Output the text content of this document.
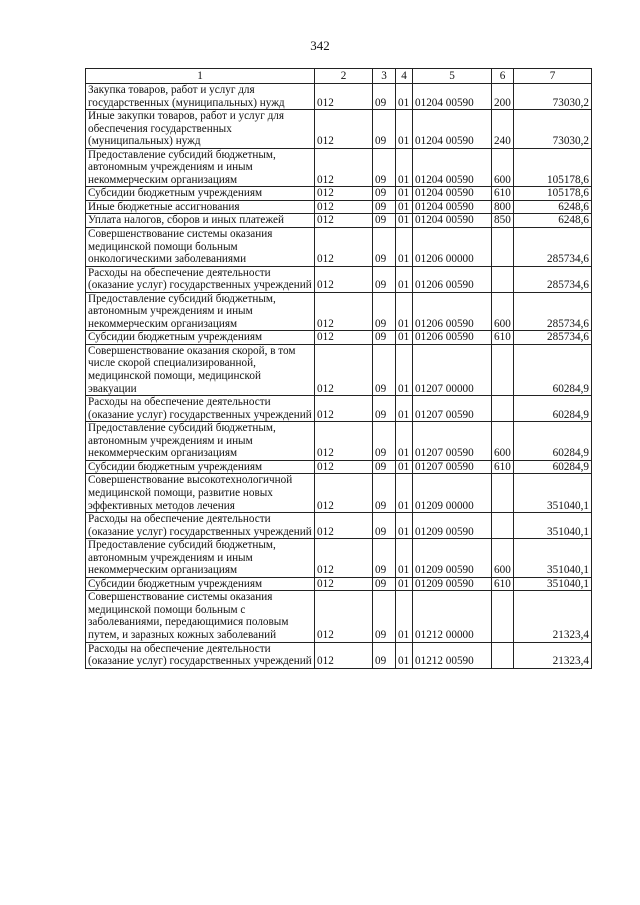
342
1	2	3	4	5	6	7
Закупка товаров, работ и услуг для государственных (муниципальных) нужд	012	09	01	01204 00590	200	73030,2
Иные закупки товаров, работ и услуг для обеспечения государственных (муниципальных) нужд	012	09	01	01204 00590	240	73030,2
Предоставление субсидий бюджетным, автономным учреждениям и иным некоммерческим организациям	012	09	01	01204 00590	600	105178,6
Субсидии бюджетным учреждениям	012	09	01	01204 00590	610	105178,6
Иные бюджетные ассигнования	012	09	01	01204 00590	800	6248,6
Уплата налогов, сборов и иных платежей	012	09	01	01204 00590	850	6248,6
Совершенствование системы оказания медицинской помощи больным онкологическими заболеваниями	012	09	01	01206 00000		285734,6
Расходы на обеспечение деятельности (оказание услуг) государственных учреждений	012	09	01	01206 00590		285734,6
Предоставление субсидий бюджетным, автономным учреждениям и иным некоммерческим организациям	012	09	01	01206 00590	600	285734,6
Субсидии бюджетным учреждениям	012	09	01	01206 00590	610	285734,6
Совершенствование оказания скорой, в том числе скорой специализированной, медицинской помощи, медицинской эвакуации	012	09	01	01207 00000		60284,9
Расходы на обеспечение деятельности (оказание услуг) государственных учреждений	012	09	01	01207 00590		60284,9
Предоставление субсидий бюджетным, автономным учреждениям и иным некоммерческим организациям	012	09	01	01207 00590	600	60284,9
Субсидии бюджетным учреждениям	012	09	01	01207 00590	610	60284,9
Совершенствование высокотехнологичной медицинской помощи, развитие новых эффективных методов лечения	012	09	01	01209 00000		351040,1
Расходы на обеспечение деятельности (оказание услуг) государственных учреждений	012	09	01	01209 00590		351040,1
Предоставление субсидий бюджетным, автономным учреждениям и иным некоммерческим организациям	012	09	01	01209 00590	600	351040,1
Субсидии бюджетным учреждениям	012	09	01	01209 00590	610	351040,1
Совершенствование системы оказания медицинской помощи больным с заболеваниями, передающимися половым путем, и заразных кожных заболеваний	012	09	01	01212 00000		21323,4
Расходы на обеспечение деятельности (оказание услуг) государственных учреждений	012	09	01	01212 00590		21323,4
